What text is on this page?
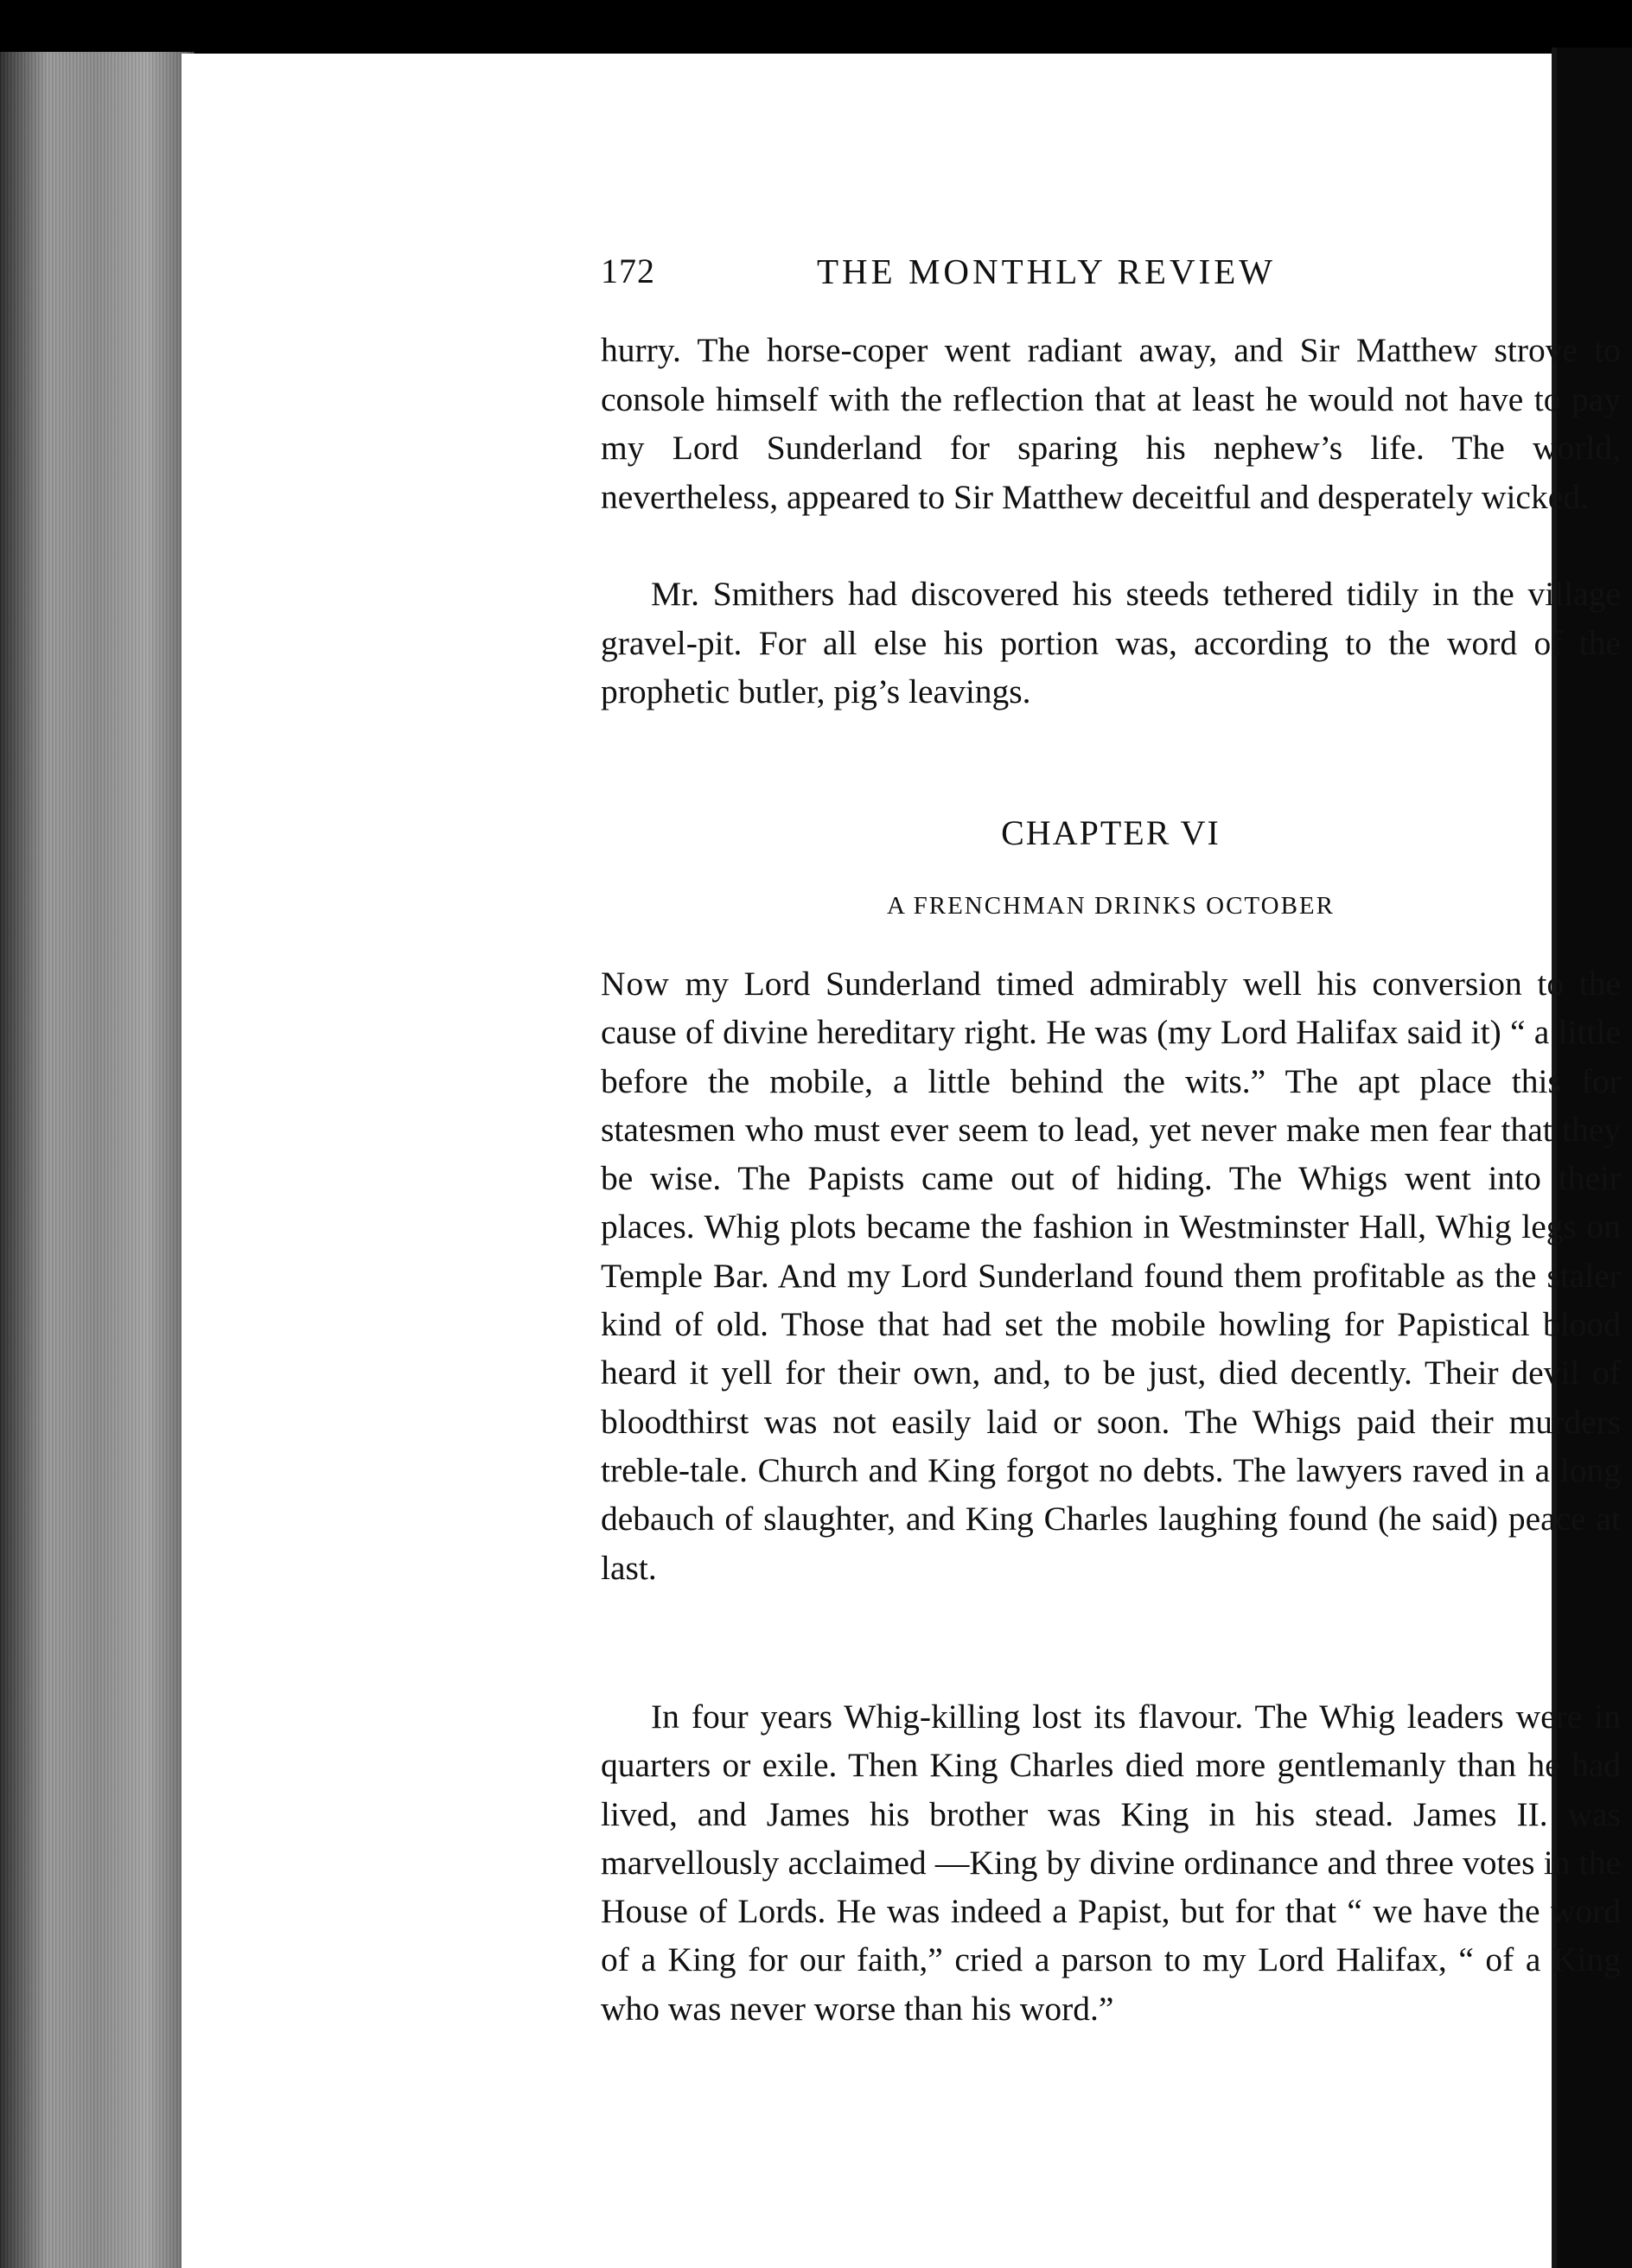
172	THE MONTHLY REVIEW

hurry. The horse-coper went radiant away, and Sir Matthew strove to console himself with the reflection that at least he would not have to pay my Lord Sunderland for sparing his nephew’s life. The world, nevertheless, appeared to Sir Matthew deceitful and desperately wicked.

Mr. Smithers had discovered his steeds tethered tidily in the village gravel-pit. For all else his portion was, according to the word of the prophetic butler, pig’s leavings.

CHAPTER VI
A FRENCHMAN DRINKS OCTOBER

Now my Lord Sunderland timed admirably well his conversion to the cause of divine hereditary right. He was (my Lord Halifax said it) “ a little before the mobile, a little behind the wits.” The apt place this for statesmen who must ever seem to lead, yet never make men fear that they be wise. The Papists came out of hiding. The Whigs went into their places. Whig plots became the fashion in Westminster Hall, Whig legs on Temple Bar. And my Lord Sunderland found them profitable as the staler kind of old. Those that had set the mobile howling for Papistical blood heard it yell for their own, and, to be just, died decently. Their devil of bloodthirst was not easily laid or soon. The Whigs paid their murders treble-tale. Church and King forgot no debts. The lawyers raved in a long debauch of slaughter, and King Charles laughing found (he said) peace at last.

In four years Whig-killing lost its flavour. The Whig leaders were in quarters or exile. Then King Charles died more gentlemanly than he had lived, and James his brother was King in his stead. James II. was marvellously acclaimed —King by divine ordinance and three votes in the House of Lords. He was indeed a Papist, but for that “ we have the word of a King for our faith,” cried a parson to my Lord Halifax, “ of a King who was never worse than his word.”
